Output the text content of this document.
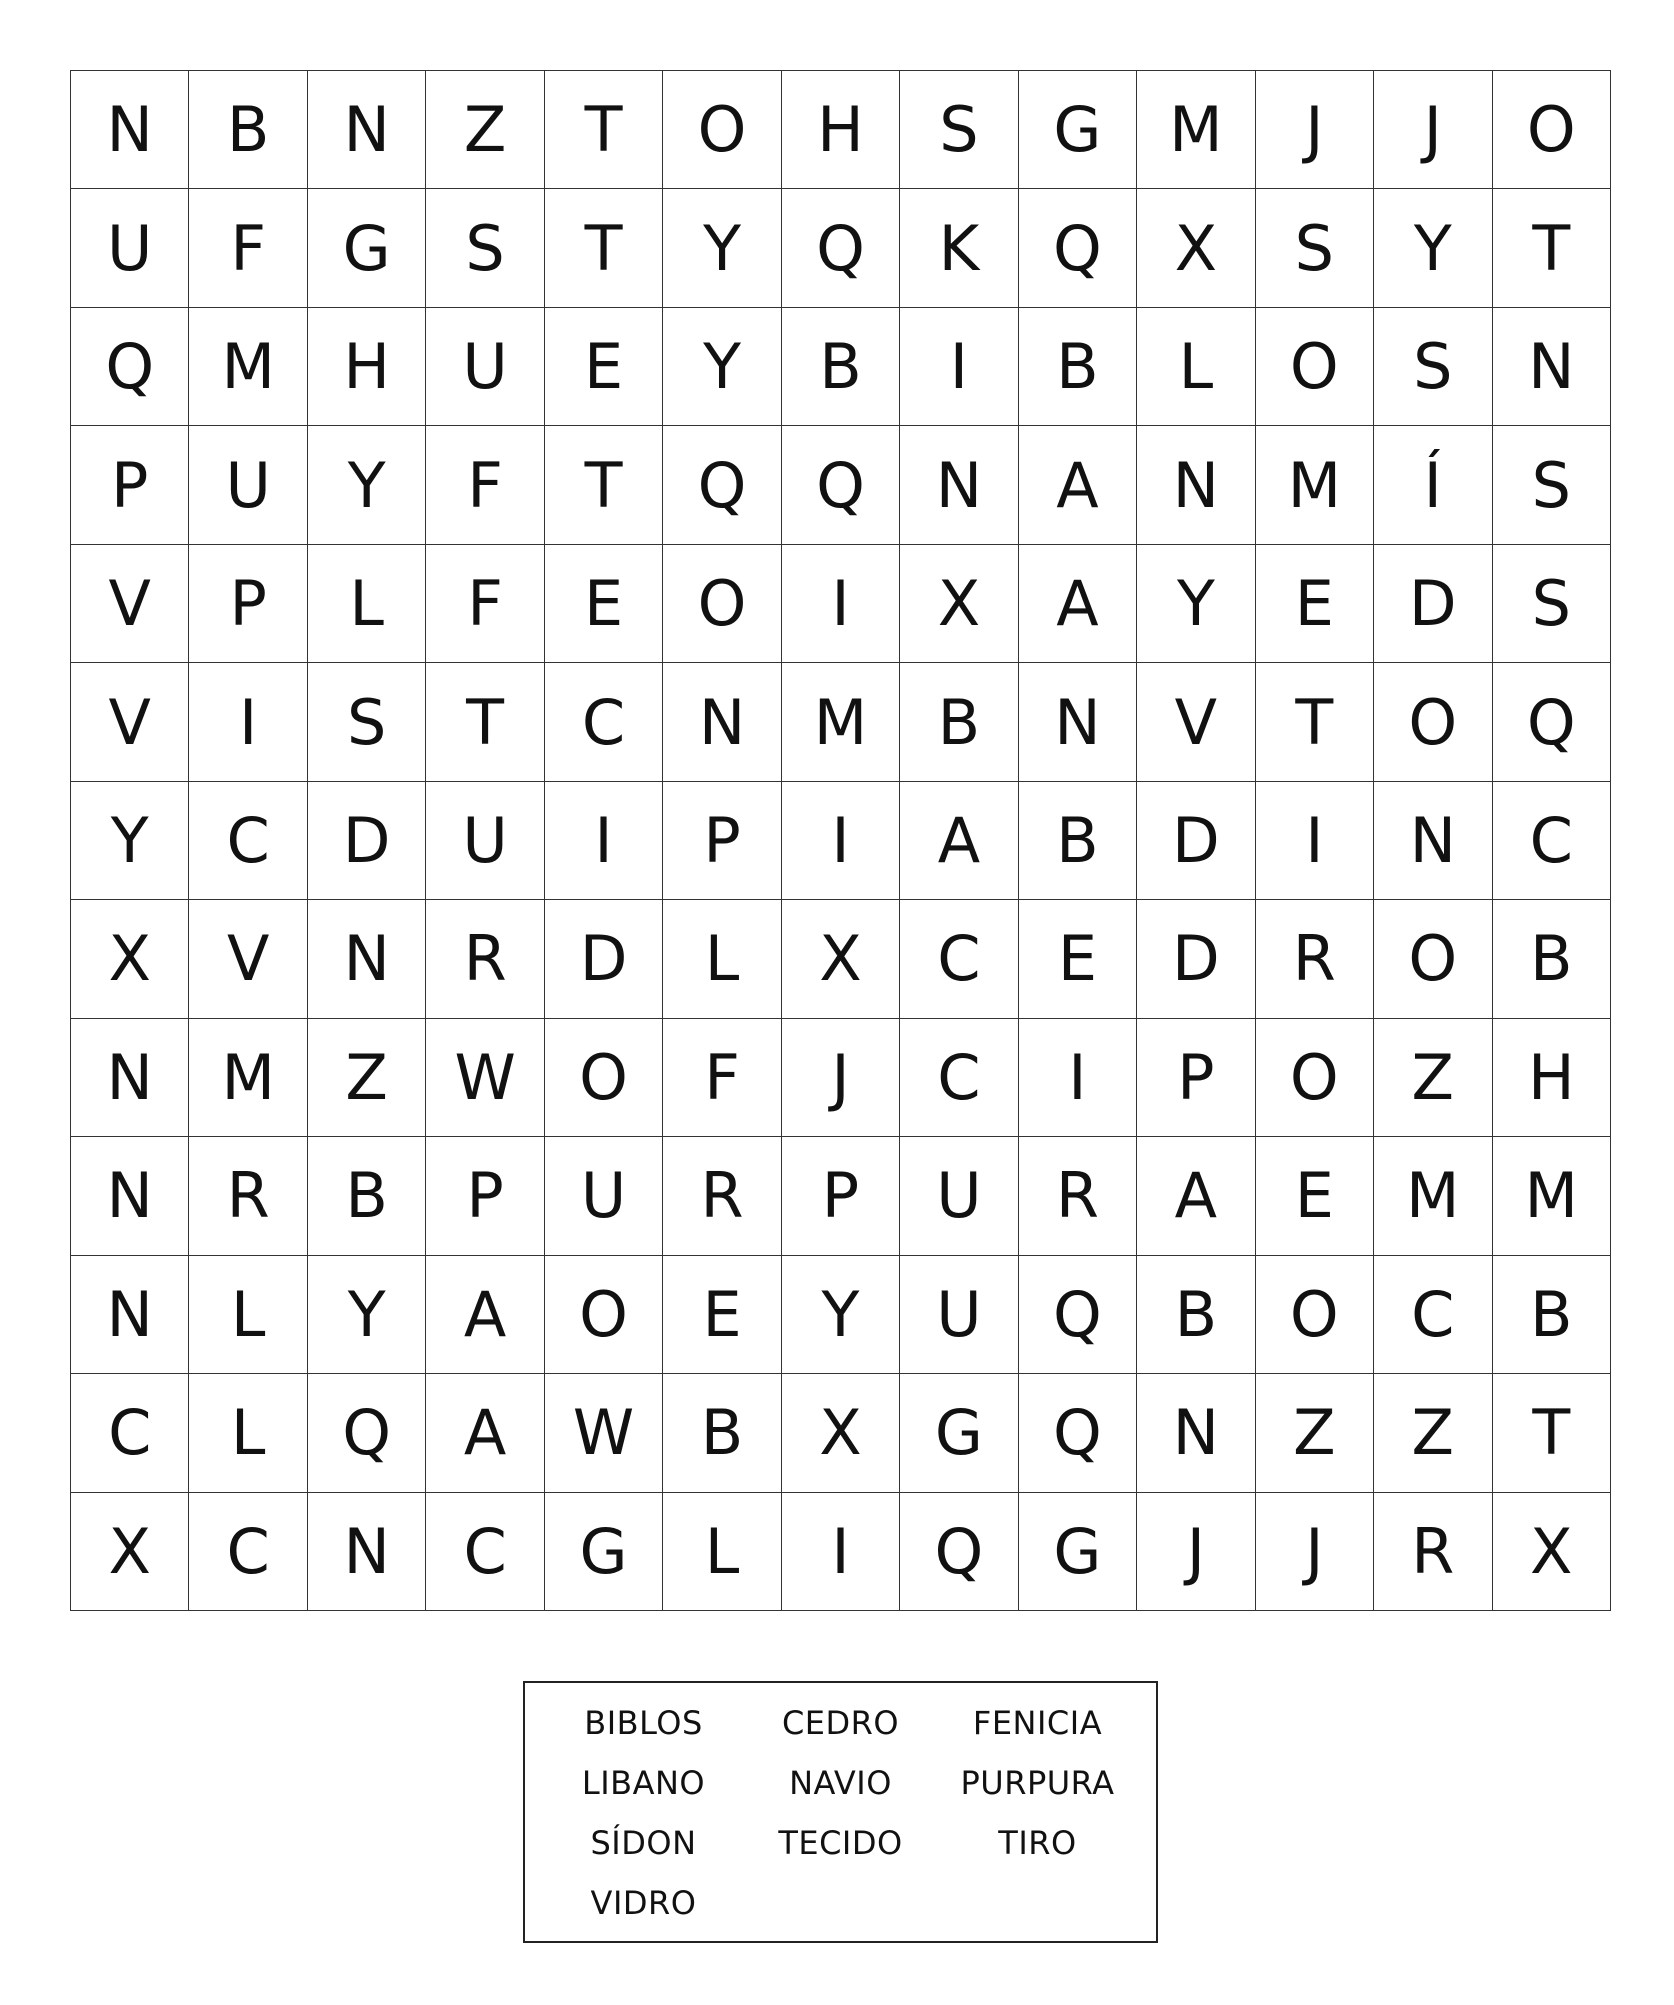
N	B	N	Z	T	O	H	S	G	M	J	J	O
U	F	G	S	T	Y	Q	K	Q	X	S	Y	T
Q	M	H	U	E	Y	B	I	B	L	O	S	N
P	U	Y	F	T	Q	Q	N	A	N	M	Í	S
V	P	L	F	E	O	I	X	A	Y	E	D	S
V	I	S	T	C	N	M	B	N	V	T	O	Q
Y	C	D	U	I	P	I	A	B	D	I	N	C
X	V	N	R	D	L	X	C	E	D	R	O	B
N	M	Z	W	O	F	J	C	I	P	O	Z	H
N	R	B	P	U	R	P	U	R	A	E	M	M
N	L	Y	A	O	E	Y	U	Q	B	O	C	B
C	L	Q	A	W	B	X	G	Q	N	Z	Z	T
X	C	N	C	G	L	I	Q	G	J	J	R	X
BIBLOS	CEDRO	FENICIA
LIBANO	NAVIO	PURPURA
SÍDON	TECIDO	TIRO
VIDRO
